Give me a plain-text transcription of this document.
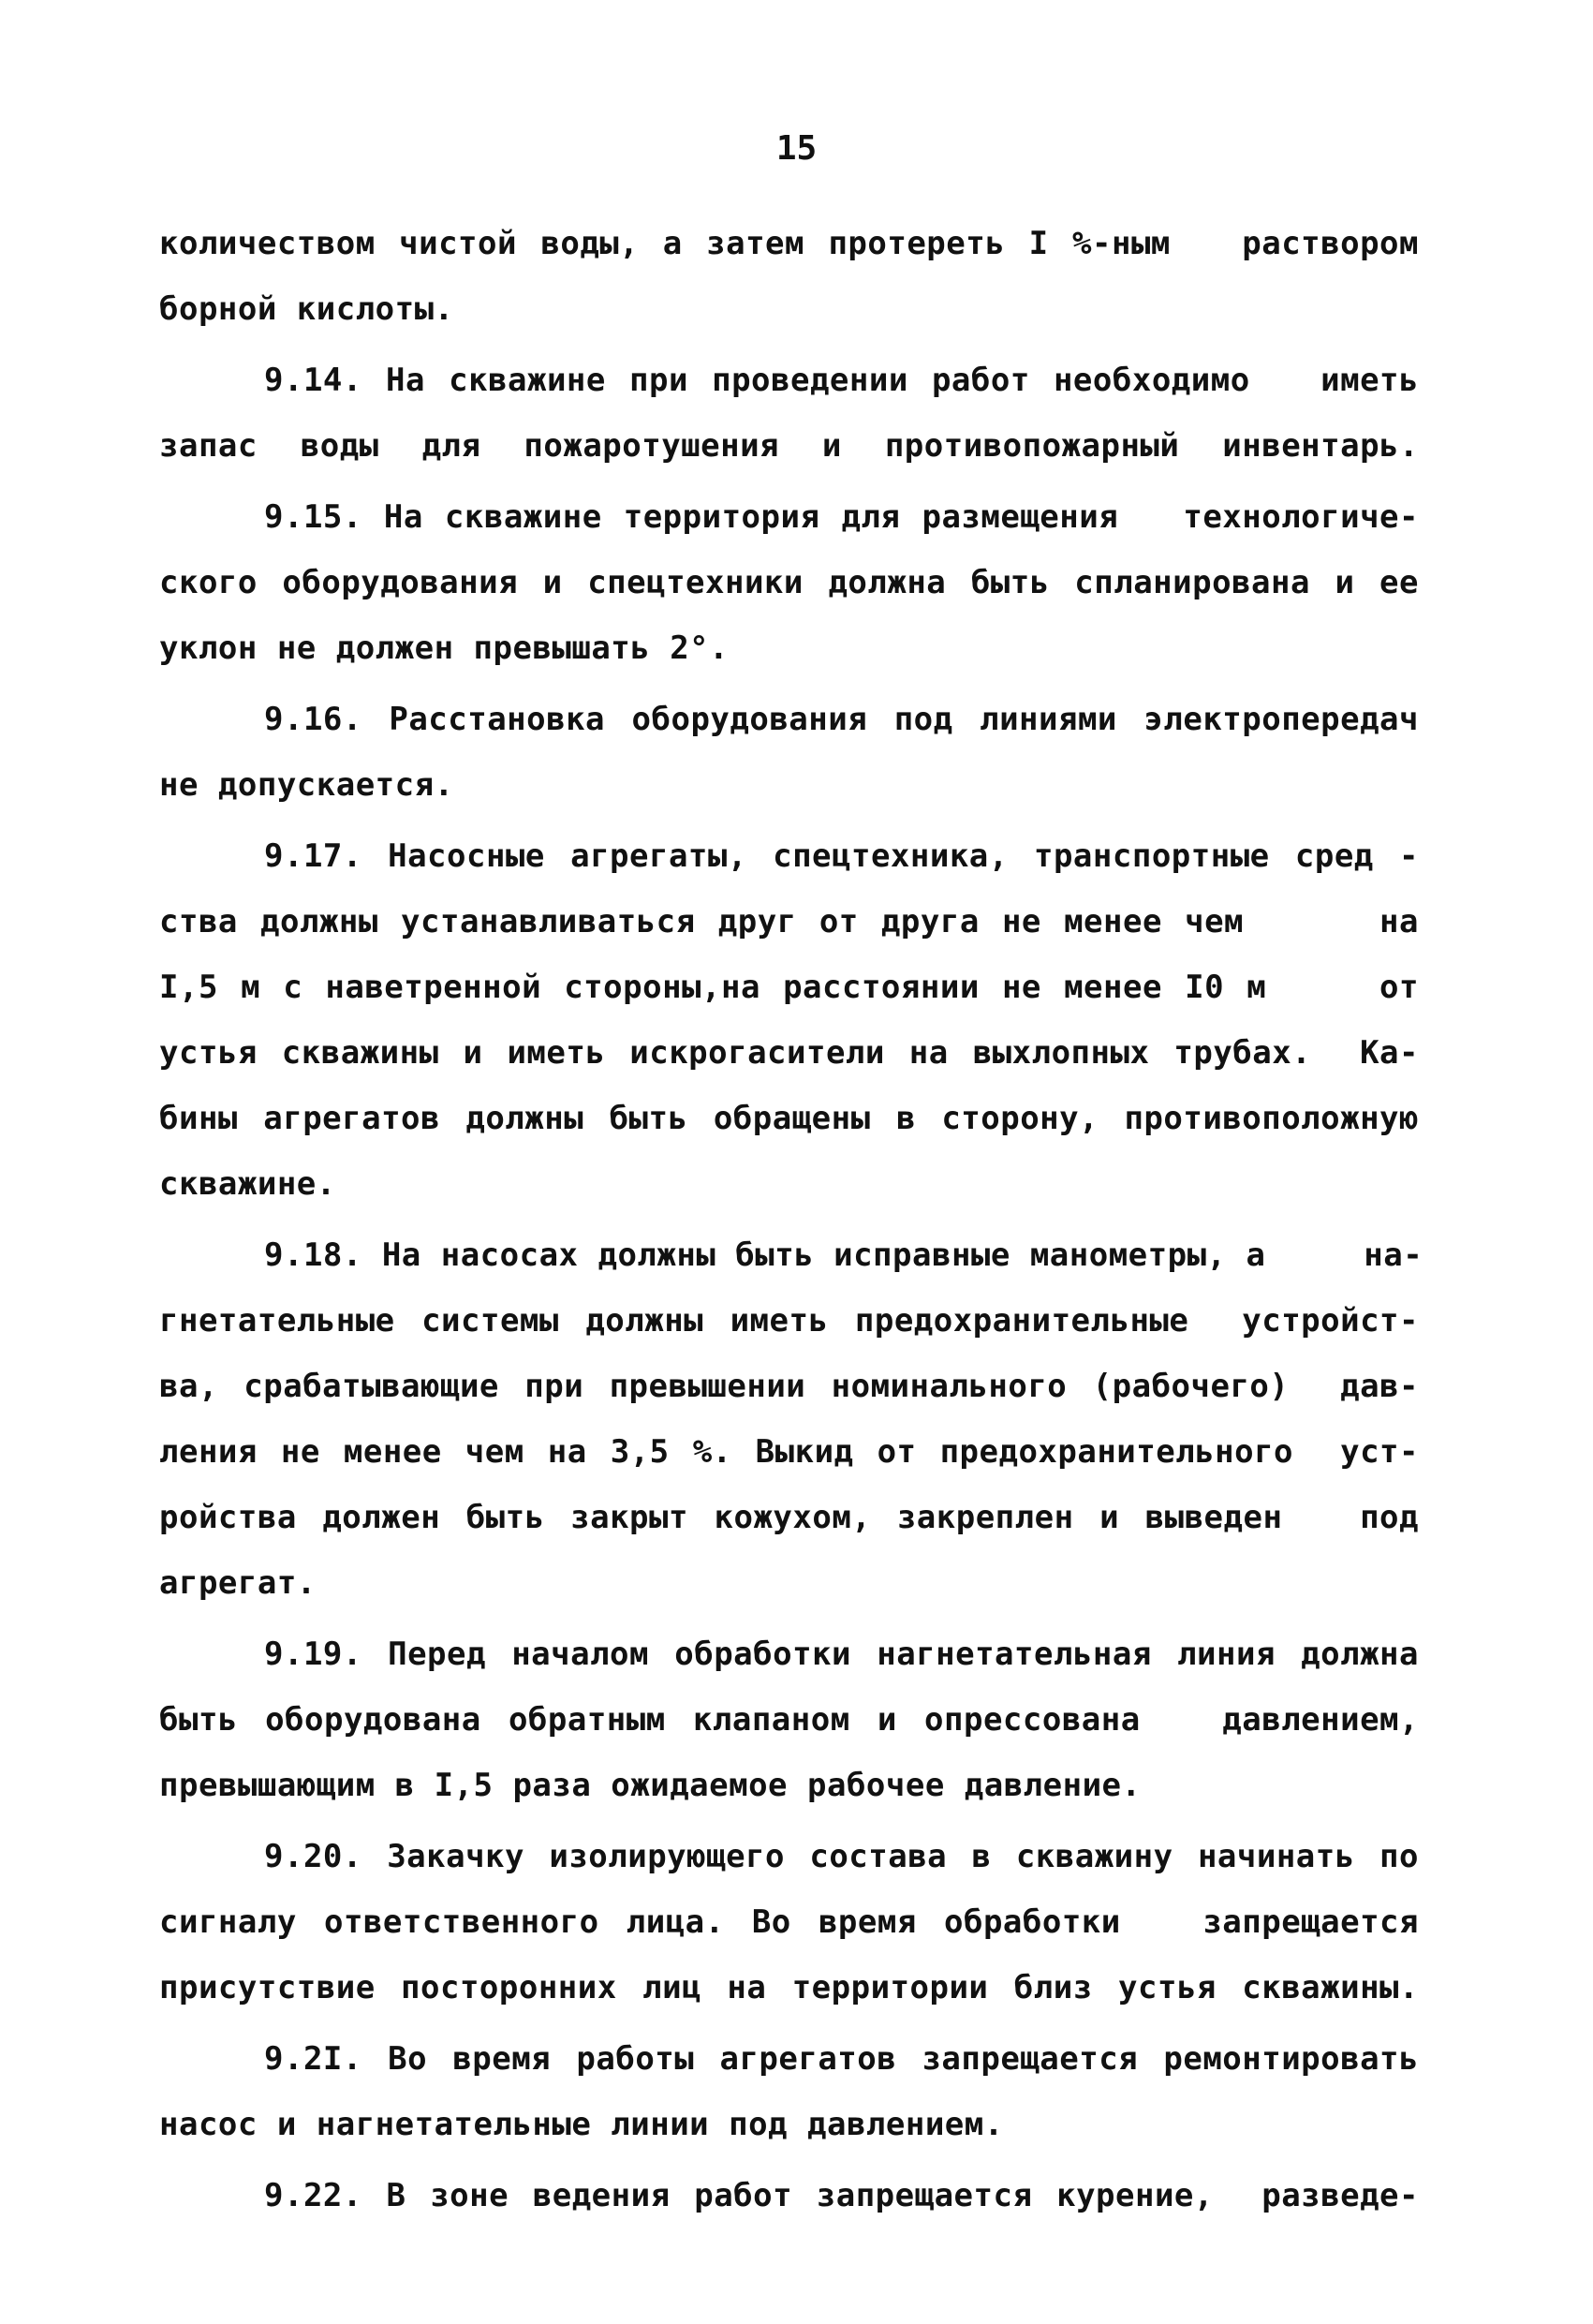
15
количеством чистой воды, а затем протереть I %-ным   раствором
борной кислоты.
9.14. На скважине при проведении работ необходимо   иметь
запас воды для пожаротушения и противопожарный инвентарь.
9.15. На скважине территория для размещения   технологиче-
ского оборудования и спецтехники должна быть спланирована и ее
уклон не должен превышать 2°.
9.16. Расстановка оборудования под линиями электропередач
не допускается.
9.17. Насосные агрегаты, спецтехника, транспортные сред -
ства должны устанавливаться друг от друга не менее чем      на
I,5 м с наветренной стороны,на расстоянии не менее I0 м     от
устья скважины и иметь искрогасители на выхлопных трубах.  Ка-
бины агрегатов должны быть обращены в сторону, противоположную
скважине.
9.18. На насосах должны быть исправные манометры, а     на-
гнетательные системы должны иметь предохранительные  устройст-
ва, срабатывающие при превышении номинального (рабочего)  дав-
ления не менее чем на 3,5 %. Выкид от предохранительного  уст-
ройства должен быть закрыт кожухом, закреплен и выведен   под
агрегат.
9.19. Перед началом обработки нагнетательная линия должна
быть оборудована обратным клапаном и опрессована   давлением,
превышающим в I,5 раза ожидаемое рабочее давление.
9.20. Закачку изолирующего состава в скважину начинать по
сигналу ответственного лица. Во время обработки   запрещается
присутствие посторонних лиц на территории близ устья скважины.
9.2I. Во время работы агрегатов запрещается ремонтировать
насос и нагнетательные линии под давлением.
9.22. В зоне ведения работ запрещается курение,  разведе-
